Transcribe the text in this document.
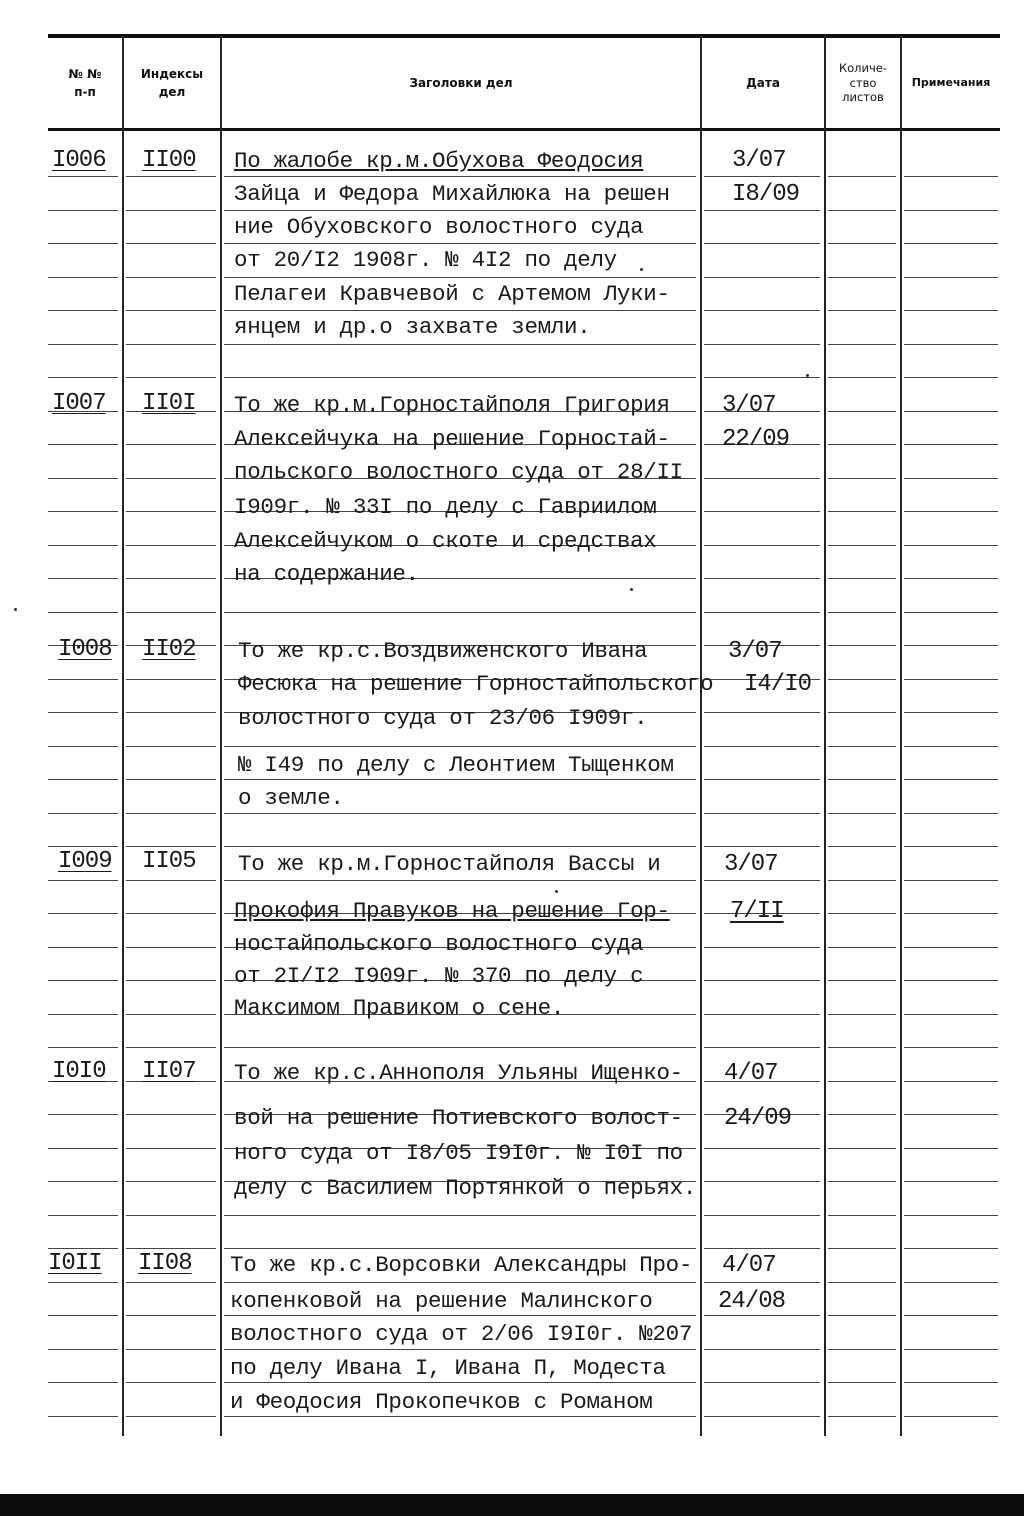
№ №
п-п
Индексы
дел
Заголовки дел	Дата
Количе-
ство
листов
Примечания
I006 II00 По жалобе кр.м.Обухова Феодосия
Зайца и Федора Михайлюка на решен
ние Обуховского волостного суда
от 20/I2 1908г. № 4I2 по делу
Пелагеи Кравчевой с Артемом Луки-
янцем и др.о захвате земли.
3/07
I8/09
I007 II0I То же кр.м.Горностайполя Григория
Алексейчука на решение Горностай-
польского волостного суда от 28/II
I909г. № 33I по делу с Гавриилом
Алексейчуком о скоте и средствах
на содержание.
3/07
22/09
I008 II02 То же кр.с.Воздвиженского Ивана
Фесюка на решение Горностайпольского
волостного суда от 23/06 I909г.
№ I49 по делу с Леонтием Тыщенком
о земле.
3/07
I4/I0
I009 II05 То же кр.м.Горностайполя Вассы и
Прокофия Правуков на решение Гор-
ностайпольского волостного суда
от 2I/I2 I909г. № 370 по делу с
Максимом Правиком о сене.
3/07
7/II
I0I0 II07 То же кр.с.Аннополя Ульяны Ищенко-
вой на решение Потиевского волост-
ного суда от I8/05 I9I0г. № I0I по
делу с Василием Портянкой о перьях.
4/07
24/09
I0II II08 То же кр.с.Ворсовки Александры Про-
копенковой на решение Малинского
волостного суда от 2/06 I9I0г. №207
по делу Ивана I, Ивана П, Модеста
и Феодосия Прокопечков с Романом
4/07
24/08
